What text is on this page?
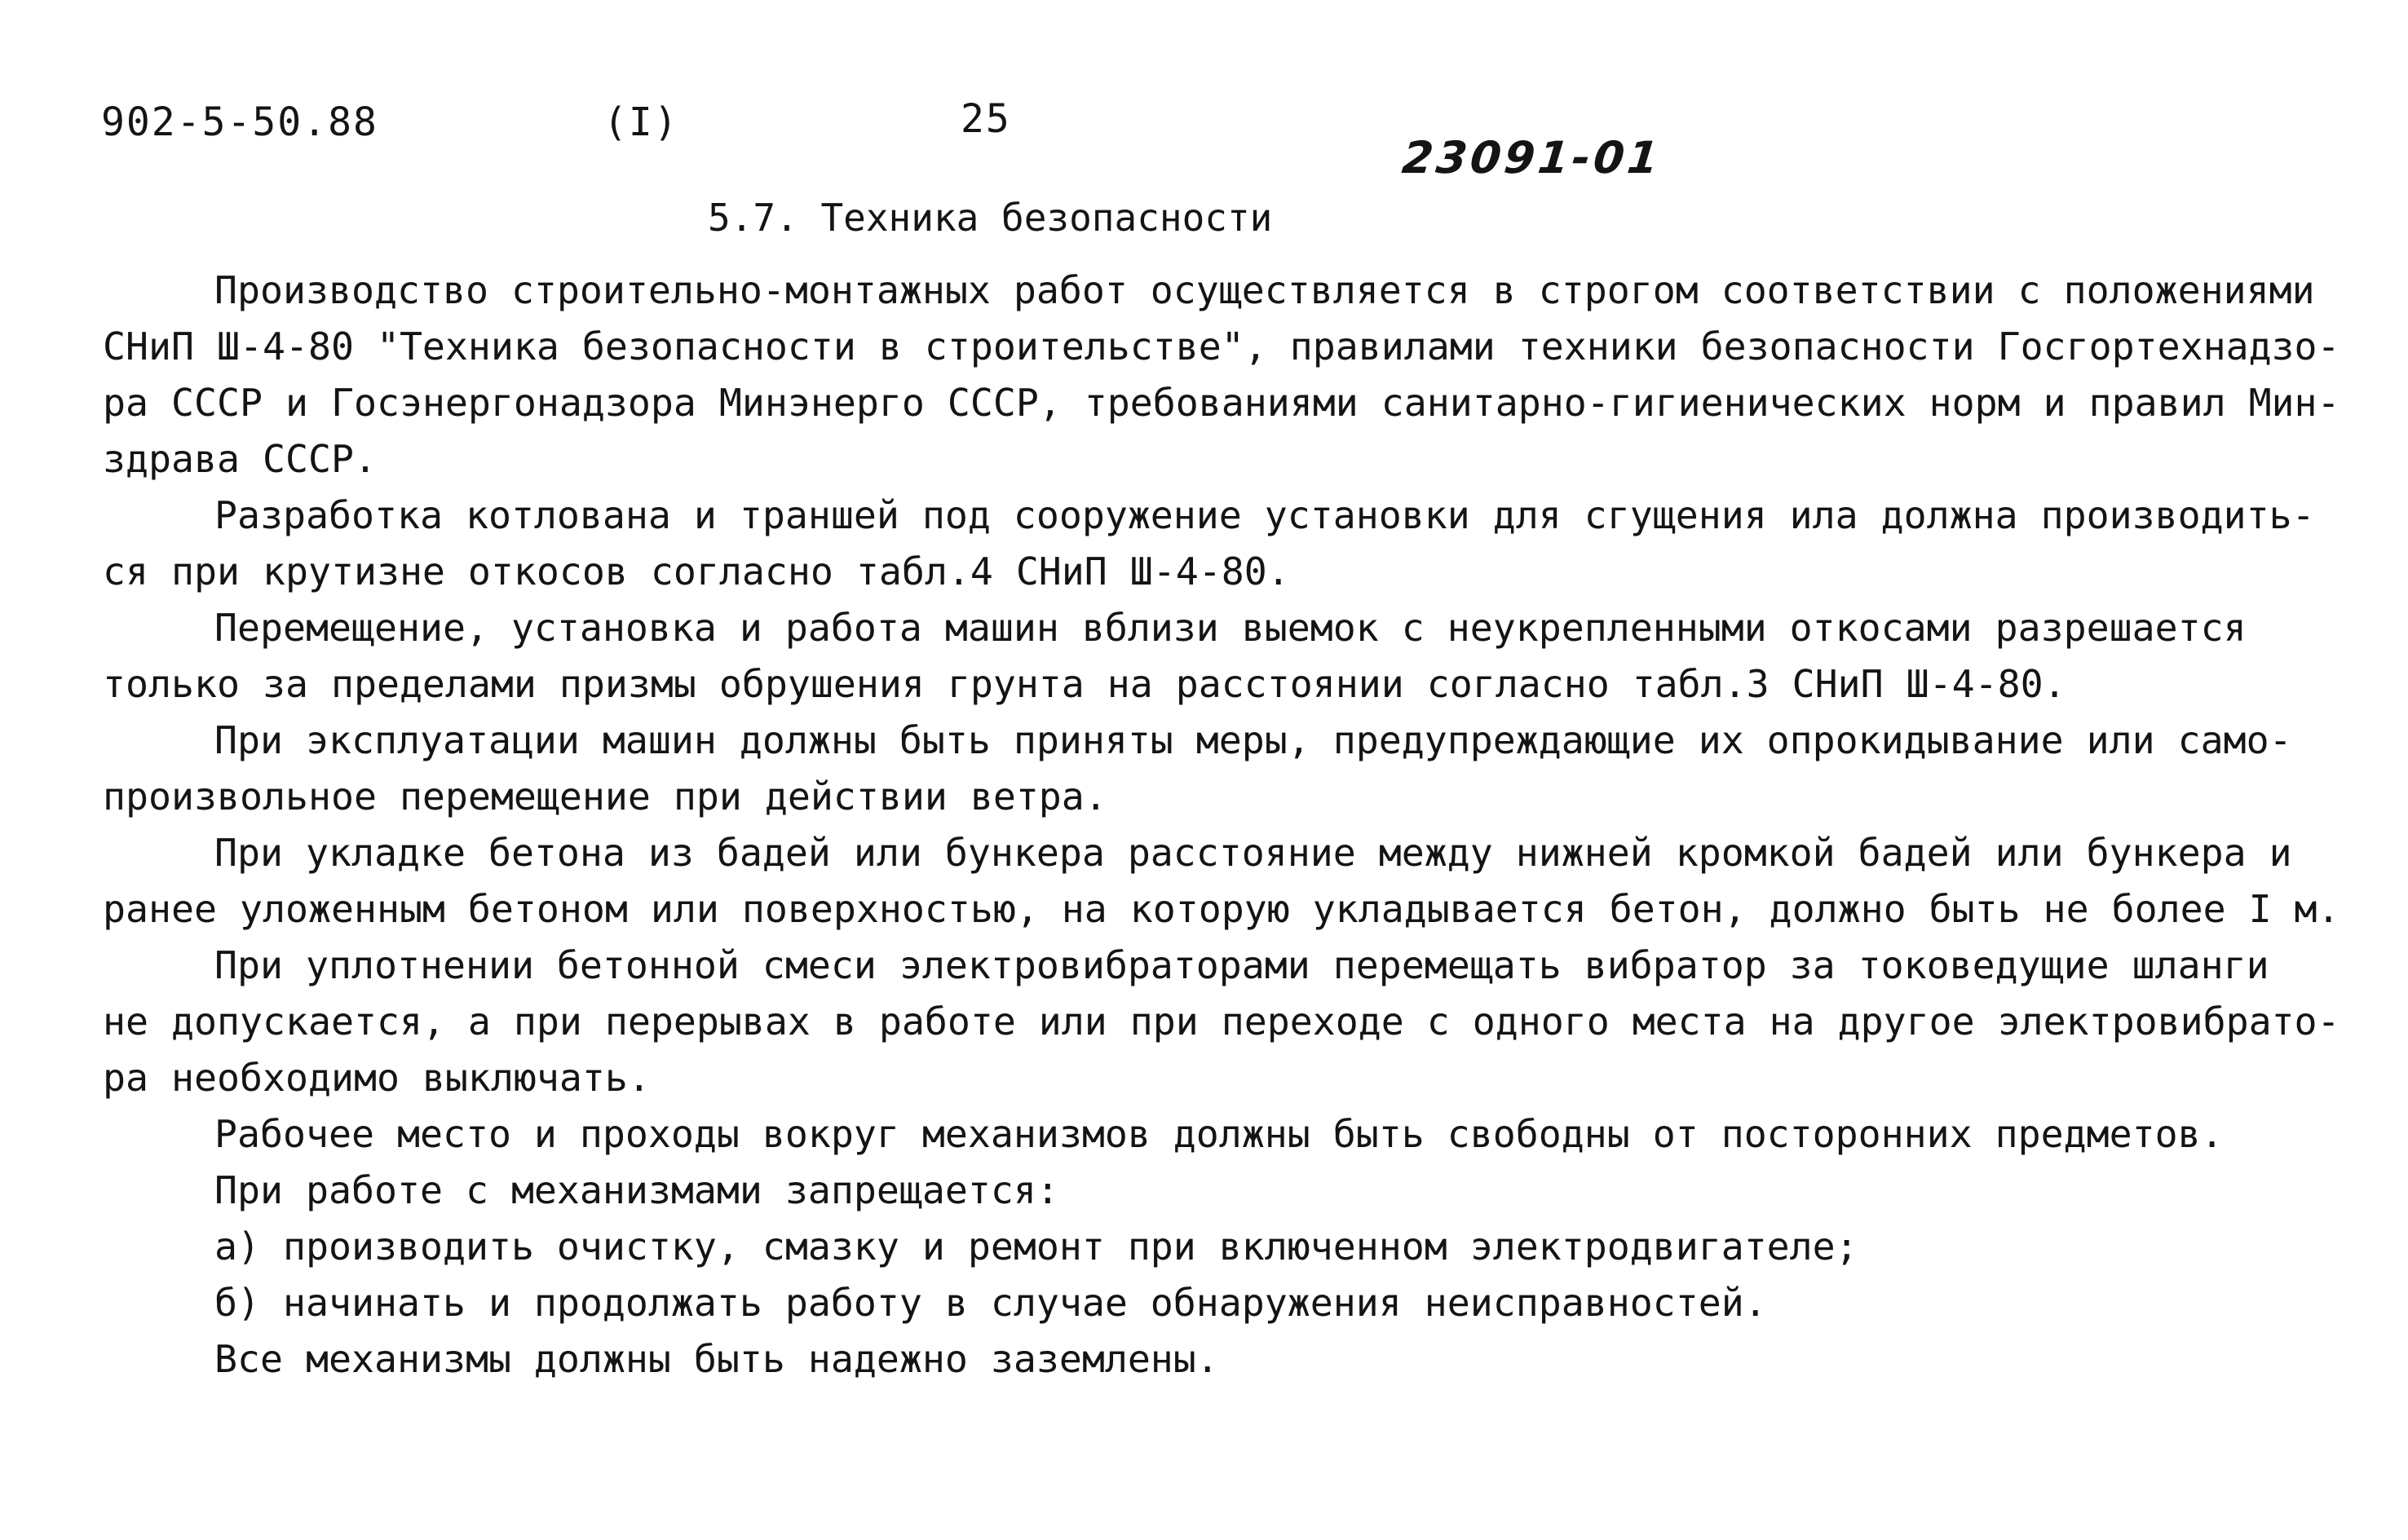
902-5-50.88	(I)	25
23091-01
5.7. Техника безопасности
Производство строительно-монтажных работ осуществляется в строгом соответствии с положениями
СНиП Ш-4-80 "Техника безопасности в строительстве", правилами техники безопасности Госгортехнадзо-
ра СССР и Госэнергонадзора Минэнерго СССР, требованиями санитарно-гигиенических норм и правил Мин-
здрава СССР.
Разработка котлована и траншей под сооружение установки для сгущения ила должна производить-
ся при крутизне откосов согласно табл.4 СНиП Ш-4-80.
Перемещение, установка и работа машин вблизи выемок с неукрепленными откосами разрешается
только за пределами призмы обрушения грунта на расстоянии согласно табл.3 СНиП Ш-4-80.
При эксплуатации машин должны быть приняты меры, предупреждающие их опрокидывание или само-
произвольное перемещение при действии ветра.
При укладке бетона из бадей или бункера расстояние между нижней кромкой бадей или бункера и
ранее уложенным бетоном или поверхностью, на которую укладывается бетон, должно быть не более I м.
При уплотнении бетонной смеси электровибраторами перемещать вибратор за токоведущие шланги
не допускается, а при перерывах в работе или при переходе с одного места на другое электровибрато-
ра необходимо выключать.
Рабочее место и проходы вокруг механизмов должны быть свободны от посторонних предметов.
При работе с механизмами запрещается:
а) производить очистку, смазку и ремонт при включенном электродвигателе;
б) начинать и продолжать работу в случае обнаружения неисправностей.
Все механизмы должны быть надежно заземлены.
